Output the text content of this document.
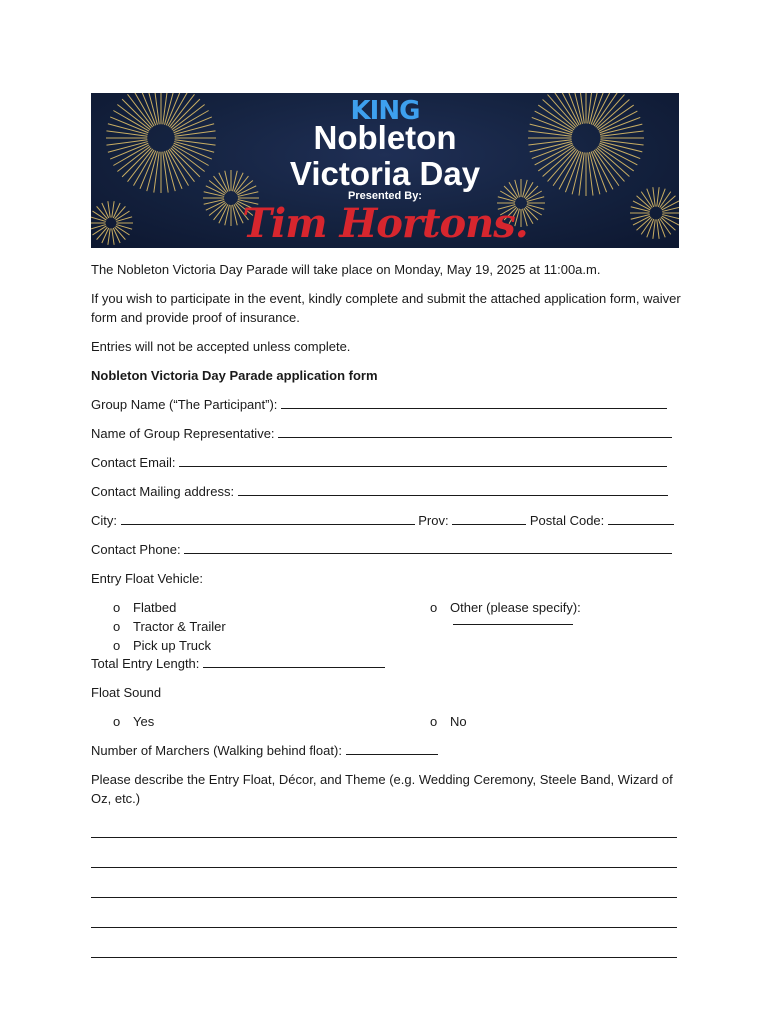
KING
Nobleton
Victoria Day
Presented By:
Tim Hortons.
The Nobleton Victoria Day Parade will take place on Monday, May 19, 2025 at 11:00a.m.
If you wish to participate in the event, kindly complete and submit the attached application form, waiver form and provide proof of insurance.
Entries will not be accepted unless complete.
Nobleton Victoria Day Parade application form
Group Name (“The Participant”):
Name of Group Representative:
Contact Email:
Contact Mailing address:
City:	Prov:	Postal Code:
Contact Phone:
Entry Float Vehicle:
o Flatbed
o Tractor & Trailer
o Pick up Truck
o Other (please specify):
Total Entry Length:
Float Sound
o Yes	o No
Number of Marchers (Walking behind float):
Please describe the Entry Float, Décor, and Theme (e.g. Wedding Ceremony, Steele Band, Wizard of Oz, etc.)
